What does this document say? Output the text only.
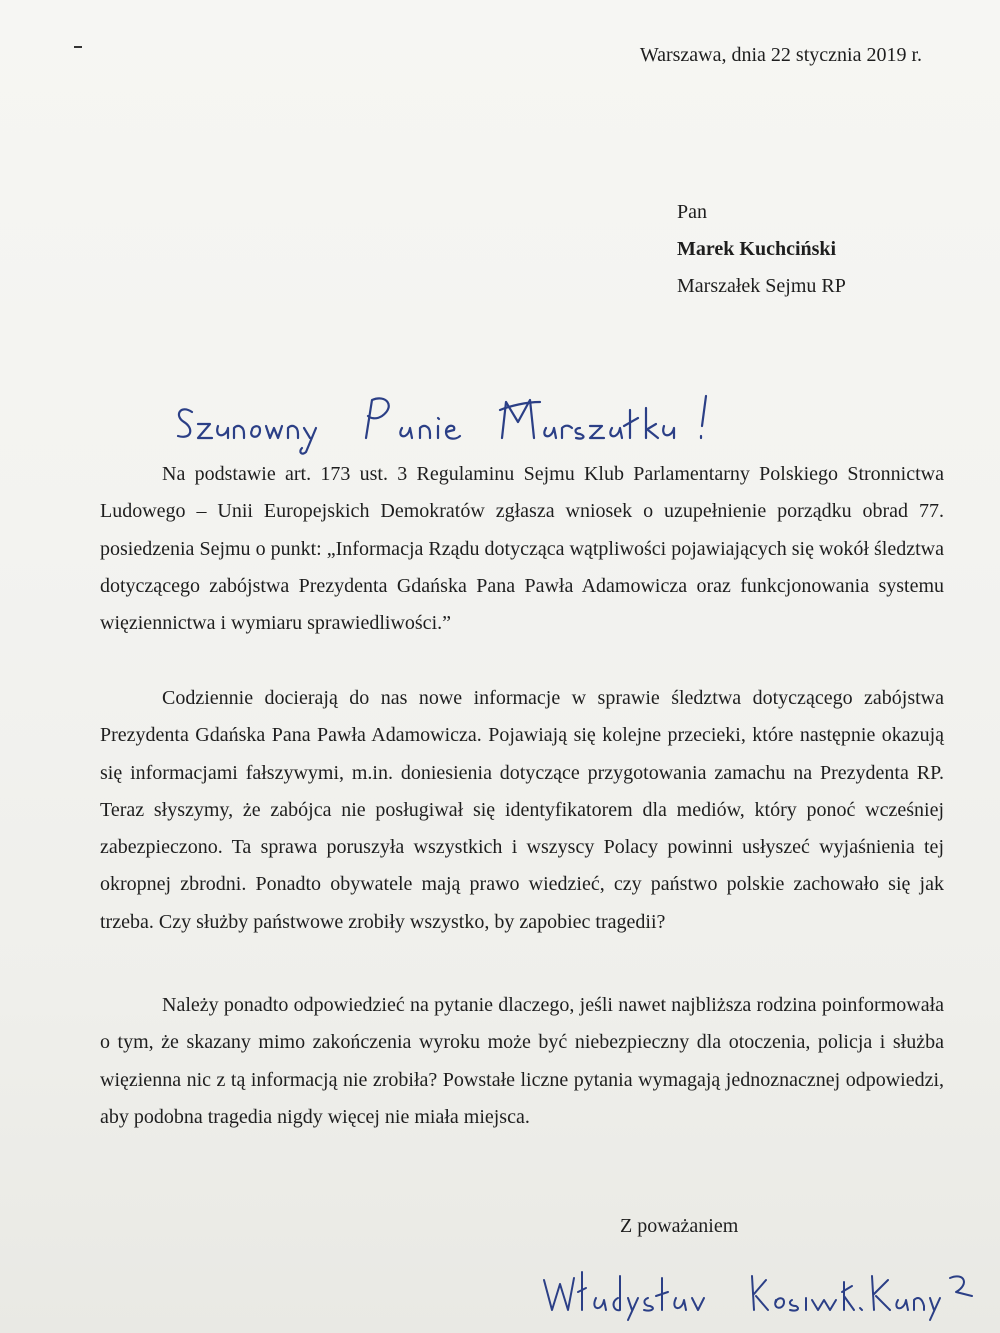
Warszawa, dnia 22 stycznia 2019 r.
Pan
Marek Kuchciński
Marszałek Sejmu RP

Na podstawie art. 173 ust. 3 Regulaminu Sejmu Klub Parlamentarny Polskiego Stronnictwa Ludowego – Unii Europejskich Demokratów zgłasza wniosek o uzupełnienie porządku obrad 77. posiedzenia Sejmu o punkt: „Informacja Rządu dotycząca wątpliwości pojawiających się wokół śledztwa dotyczącego zabójstwa Prezydenta Gdańska Pana Pawła Adamowicza oraz funkcjonowania systemu więziennictwa i wymiaru sprawiedliwości.”

Codziennie docierają do nas nowe informacje w sprawie śledztwa dotyczącego zabójstwa Prezydenta Gdańska Pana Pawła Adamowicza. Pojawiają się kolejne przecieki, które następnie okazują się informacjami fałszywymi, m.in. doniesienia dotyczące przygotowania zamachu na Prezydenta RP. Teraz słyszymy, że zabójca nie posługiwał się identyfikatorem dla mediów, który ponoć wcześniej zabezpieczono. Ta sprawa poruszyła wszystkich i wszyscy Polacy powinni usłyszeć wyjaśnienia tej okropnej zbrodni. Ponadto obywatele mają prawo wiedzieć, czy państwo polskie zachowało się jak trzeba. Czy służby państwowe zrobiły wszystko, by zapobiec tragedii?

Należy ponadto odpowiedzieć na pytanie dlaczego, jeśli nawet najbliższa rodzina poinformowała o tym, że skazany mimo zakończenia wyroku może być niebezpieczny dla otoczenia, policja i służba więzienna nic z tą informacją nie zrobiła? Powstałe liczne pytania wymagają jednoznacznej odpowiedzi, aby podobna tragedia nigdy więcej nie miała miejsca.

Z poważaniem
